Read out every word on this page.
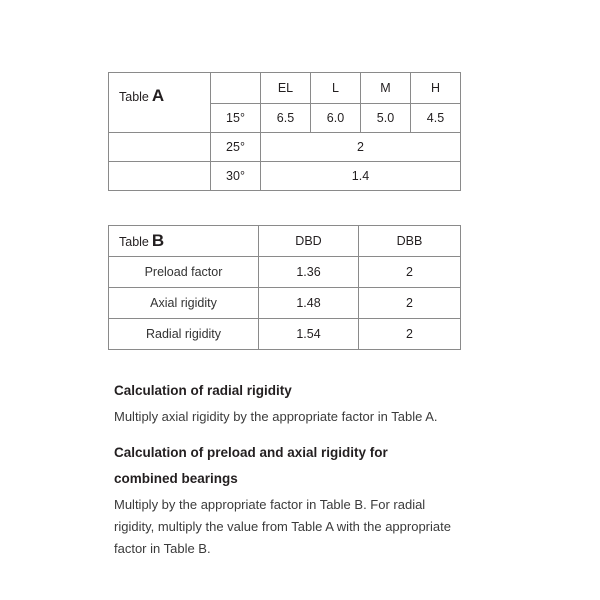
Table A		EL	L	M	H
	15°	6.5	6.0	5.0	4.5
	25°	2			
	30°	1.4			
Table B	DBD	DBB
Preload factor	1.36	2
Axial rigidity	1.48	2
Radial rigidity	1.54	2

Calculation of radial rigidity

Multiply axial rigidity by the appropriate factor in Table A.

Calculation of preload and axial rigidity for

combined bearings

Multiply by the appropriate factor in Table B. For radial rigidity, multiply the value from Table A with the appropriate factor in Table B.
